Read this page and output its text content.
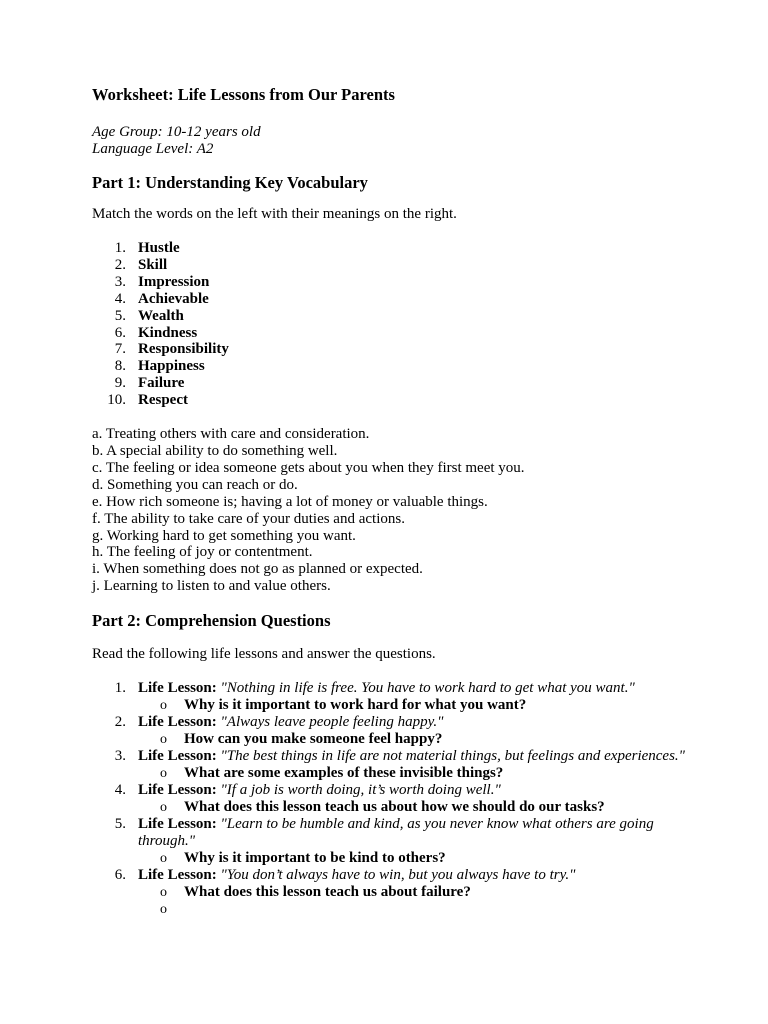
Worksheet: Life Lessons from Our Parents
Age Group: 10-12 years old
Language Level: A2
Part 1: Understanding Key Vocabulary
Match the words on the left with their meanings on the right.
1. Hustle
2. Skill
3. Impression
4. Achievable
5. Wealth
6. Kindness
7. Responsibility
8. Happiness
9. Failure
10. Respect
a. Treating others with care and consideration.
b. A special ability to do something well.
c. The feeling or idea someone gets about you when they first meet you.
d. Something you can reach or do.
e. How rich someone is; having a lot of money or valuable things.
f. The ability to take care of your duties and actions.
g. Working hard to get something you want.
h. The feeling of joy or contentment.
i. When something does not go as planned or expected.
j. Learning to listen to and value others.
Part 2: Comprehension Questions
Read the following life lessons and answer the questions.
1. Life Lesson: "Nothing in life is free. You have to work hard to get what you want."
o Why is it important to work hard for what you want?
2. Life Lesson: "Always leave people feeling happy."
o How can you make someone feel happy?
3. Life Lesson: "The best things in life are not material things, but feelings and experiences."
o What are some examples of these invisible things?
4. Life Lesson: "If a job is worth doing, it’s worth doing well."
o What does this lesson teach us about how we should do our tasks?
5. Life Lesson: "Learn to be humble and kind, as you never know what others are going through."
o Why is it important to be kind to others?
6. Life Lesson: "You don’t always have to win, but you always have to try."
o What does this lesson teach us about failure?
o
